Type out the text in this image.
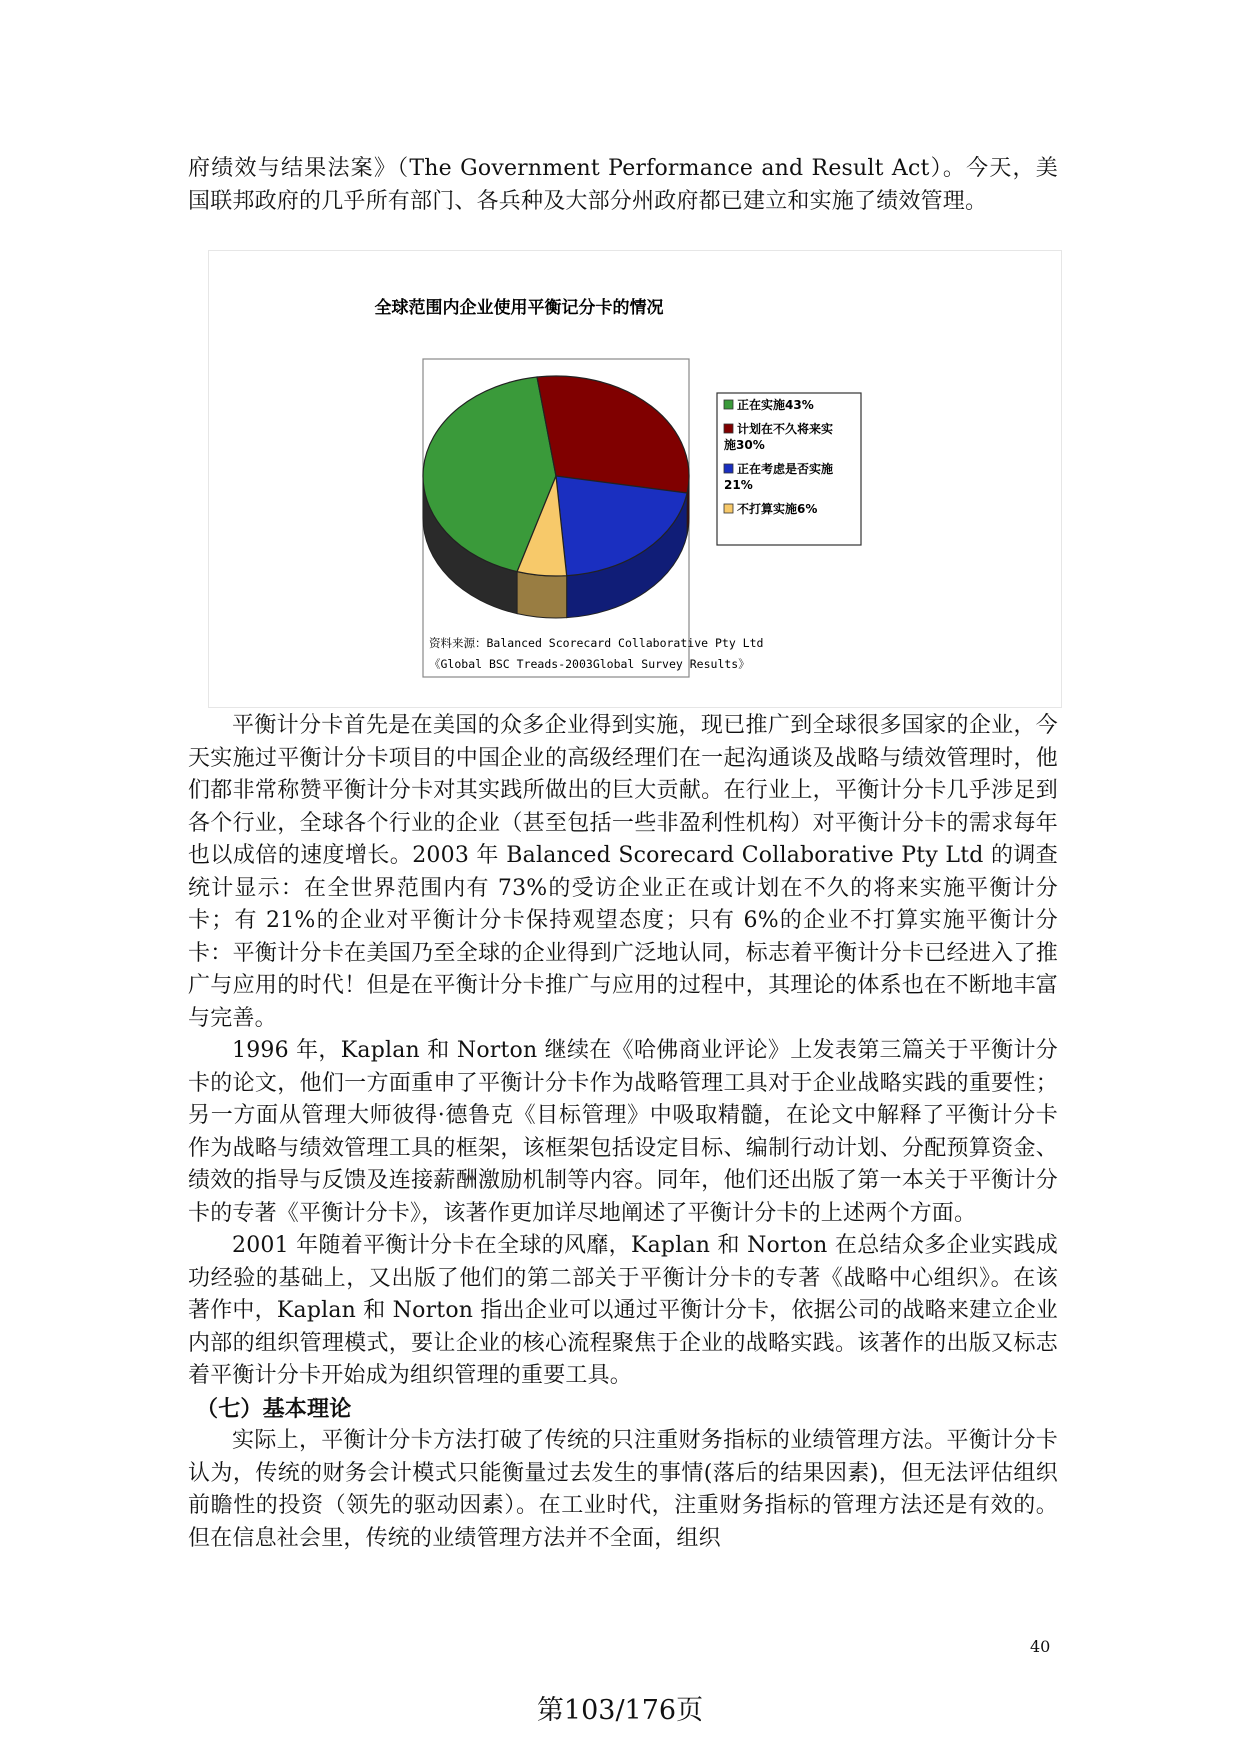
府绩效与结果法案》（The Government Performance and Result Act）。今天，美国联邦政府的几乎所有部门、各兵种及大部分州政府都已建立和实施了绩效管理。

全球范围内企业使用平衡记分卡的情况
正在实施43%
计划在不久将来实施30%
正在考虑是否实施 21%
不打算实施6%
资料来源：Balanced Scorecard Collaborative Pty Ltd
《Global BSC Treads-2003Global Survey Results》

平衡计分卡首先是在美国的众多企业得到实施，现已推广到全球很多国家的企业，今天实施过平衡计分卡项目的中国企业的高级经理们在一起沟通谈及战略与绩效管理时，他们都非常称赞平衡计分卡对其实践所做出的巨大贡献。在行业上，平衡计分卡几乎涉足到各个行业，全球各个行业的企业（甚至包括一些非盈利性机构）对平衡计分卡的需求每年也以成倍的速度增长。2003 年 Balanced Scorecard Collaborative Pty Ltd 的调查统计显示：在全世界范围内有 73%的受访企业正在或计划在不久的将来实施平衡计分卡；有 21%的企业对平衡计分卡保持观望态度；只有 6%的企业不打算实施平衡计分卡：平衡计分卡在美国乃至全球的企业得到广泛地认同，标志着平衡计分卡已经进入了推广与应用的时代！但是在平衡计分卡推广与应用的过程中，其理论的体系也在不断地丰富与完善。

1996 年，Kaplan 和 Norton 继续在《哈佛商业评论》上发表第三篇关于平衡计分卡的论文，他们一方面重申了平衡计分卡作为战略管理工具对于企业战略实践的重要性；另一方面从管理大师彼得·德鲁克《目标管理》中吸取精髓，在论文中解释了平衡计分卡作为战略与绩效管理工具的框架，该框架包括设定目标、编制行动计划、分配预算资金、绩效的指导与反馈及连接薪酬激励机制等内容。同年，他们还出版了第一本关于平衡计分卡的专著《平衡计分卡》，该著作更加详尽地阐述了平衡计分卡的上述两个方面。

2001 年随着平衡计分卡在全球的风靡，Kaplan 和 Norton 在总结众多企业实践成功经验的基础上，又出版了他们的第二部关于平衡计分卡的专著《战略中心组织》。在该著作中，Kaplan 和 Norton 指出企业可以通过平衡计分卡，依据公司的战略来建立企业内部的组织管理模式，要让企业的核心流程聚焦于企业的战略实践。该著作的出版又标志着平衡计分卡开始成为组织管理的重要工具。

（七）基本理论

实际上，平衡计分卡方法打破了传统的只注重财务指标的业绩管理方法。平衡计分卡认为，传统的财务会计模式只能衡量过去发生的事情(落后的结果因素)，但无法评估组织前瞻性的投资（领先的驱动因素）。在工业时代，注重财务指标的管理方法还是有效的。但在信息社会里，传统的业绩管理方法并不全面，组织

40
第103/176页
